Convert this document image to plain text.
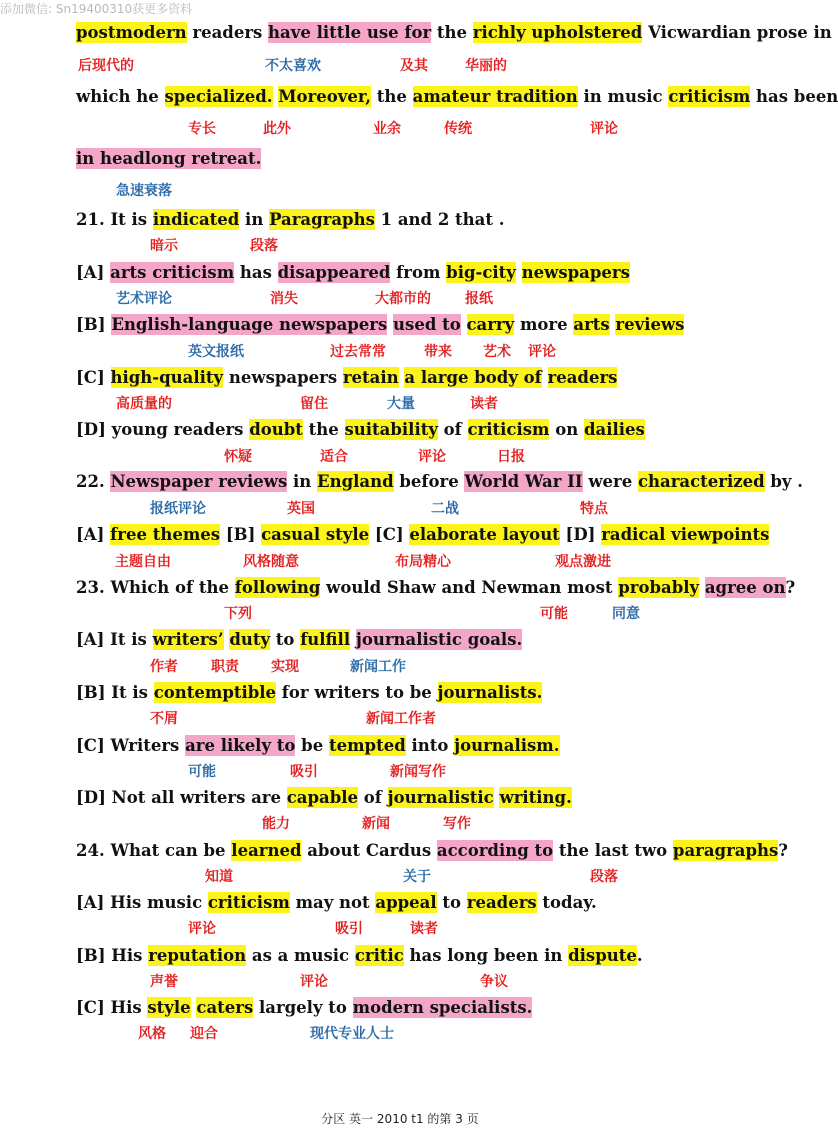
添加微信: Sn19400310获更多资料
postmodern readers have little use for the richly upholstered Vicwardian prose in
which he specialized. Moreover, the amateur tradition in music criticism has been
in headlong retreat.
21. It is indicated in Paragraphs 1 and 2 that .
[A] arts criticism has disappeared from big-city newspapers
[B] English-language newspapers used to carry more arts reviews
[C] high-quality newspapers retain a large body of readers
[D] young readers doubt the suitability of criticism on dailies
22. Newspaper reviews in England before World War II were characterized by .
[A] free themes [B] casual style [C] elaborate layout [D] radical viewpoints
23. Which of the following would Shaw and Newman most probably agree on?
[A] It is writers’ duty to fulfill journalistic goals.
[B] It is contemptible for writers to be journalists.
[C] Writers are likely to be tempted into journalism.
[D] Not all writers are capable of journalistic writing.
24. What can be learned about Cardus according to the last two paragraphs?
[A] His music criticism may not appeal to readers today.
[B] His reputation as a music critic has long been in dispute.
[C] His style caters largely to modern specialists.
后现代的	不太喜欢	及其	华丽的
专长	此外	业余	传统	评论
急速衰落
暗示	段落
艺术评论	消失	大都市的 报纸
英文报纸	过去常常	带来 艺术 评论
高质量的	留住	大量	读者
怀疑	适合	评论	日报
报纸评论	英国	二战	特点
主题自由	风格随意	布局精心	观点激进
下列	可能	同意
作者 职责 实现	新闻工作
不屑	新闻工作者
可能	吸引	新闻写作
能力	新闻	写作
知道	关于	段落
评论	吸引	读者
声誉	评论	争议
风格 迎合	现代专业人士
分区 英一 2010 t1 的第 3 页
